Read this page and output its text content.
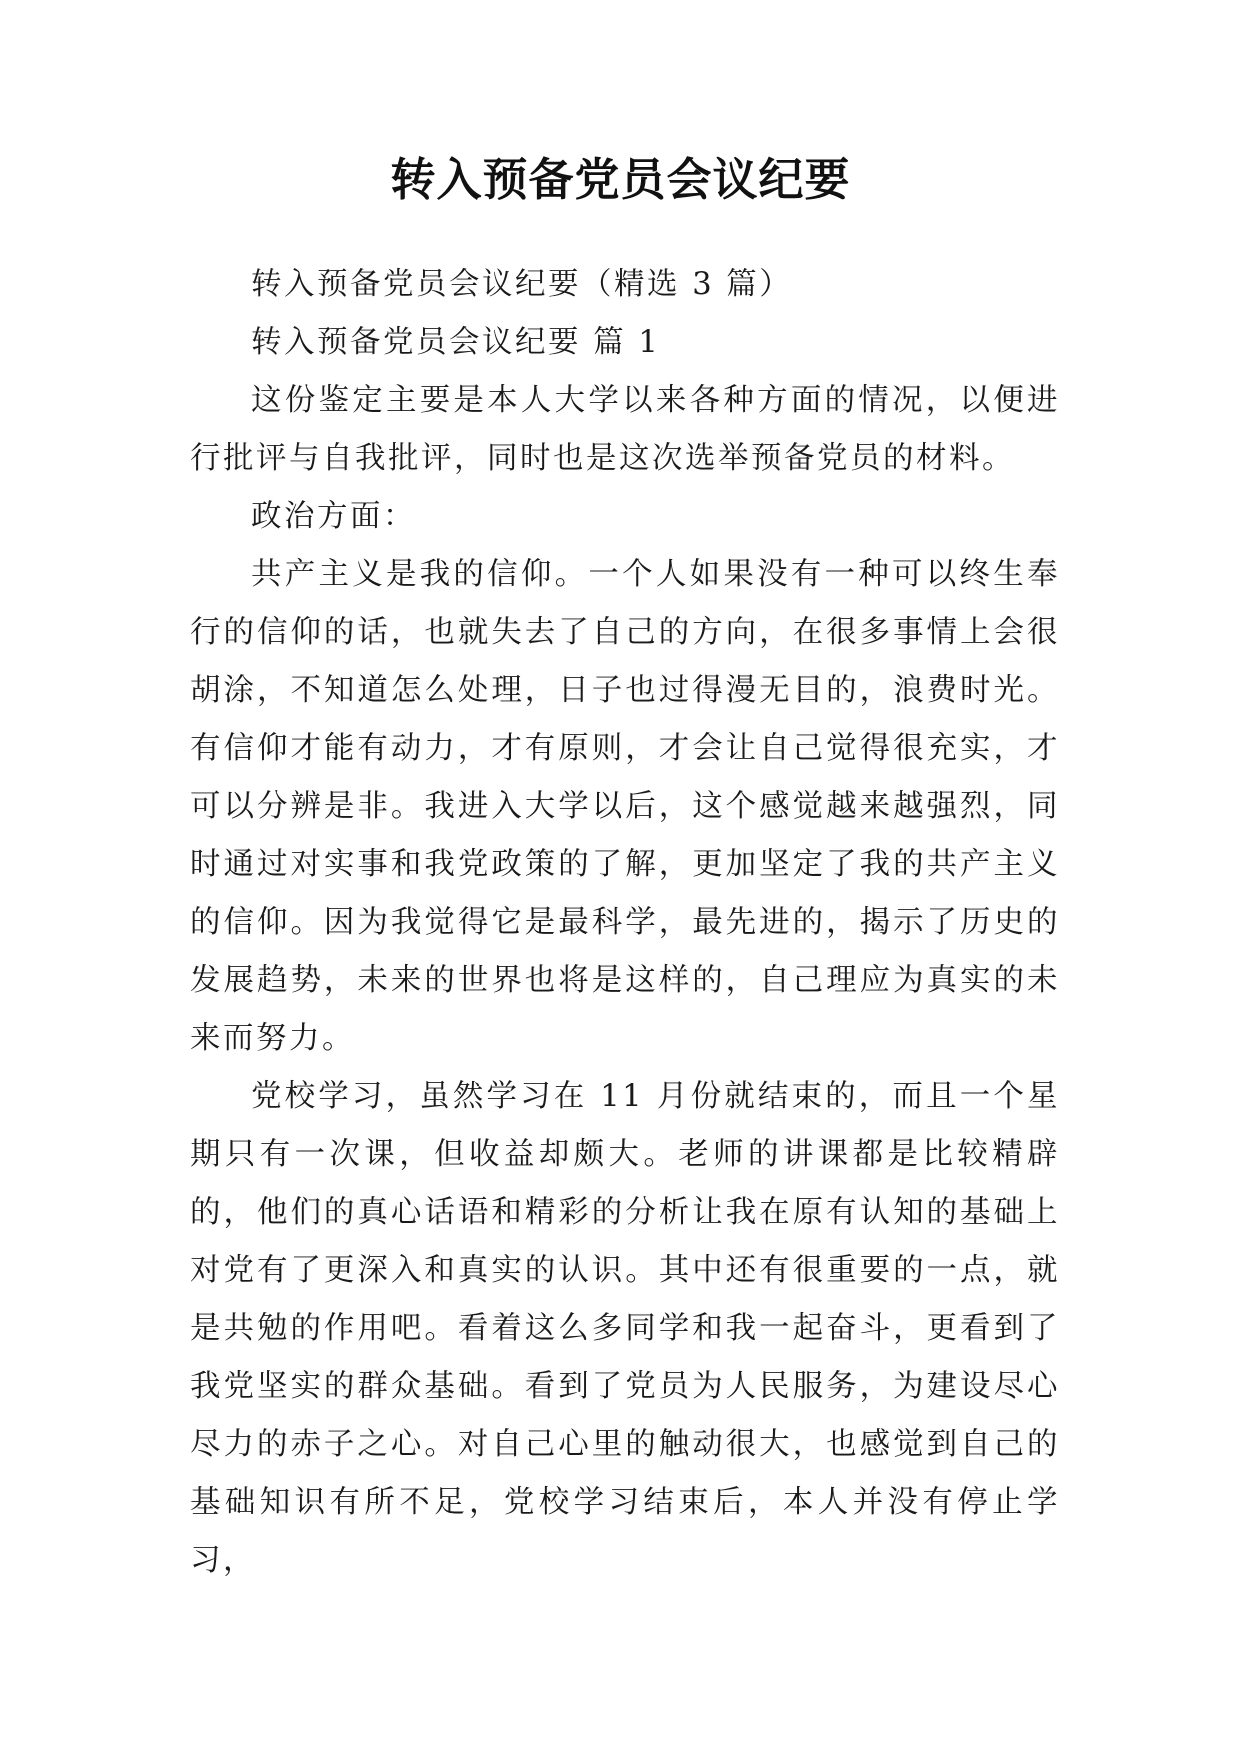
转入预备党员会议纪要

转入预备党员会议纪要（精选 3 篇）

转入预备党员会议纪要 篇 1

这份鉴定主要是本人大学以来各种方面的情况，以便进行批评与自我批评，同时也是这次选举预备党员的材料。

政治方面：

共产主义是我的信仰。一个人如果没有一种可以终生奉行的信仰的话，也就失去了自己的方向，在很多事情上会很胡涂，不知道怎么处理，日子也过得漫无目的，浪费时光。有信仰才能有动力，才有原则，才会让自己觉得很充实，才可以分辨是非。我进入大学以后，这个感觉越来越强烈，同时通过对实事和我党政策的了解，更加坚定了我的共产主义的信仰。因为我觉得它是最科学，最先进的，揭示了历史的发展趋势，未来的世界也将是这样的，自己理应为真实的未来而努力。

党校学习，虽然学习在 11 月份就结束的，而且一个星期只有一次课，但收益却颇大。老师的讲课都是比较精辟的，他们的真心话语和精彩的分析让我在原有认知的基础上对党有了更深入和真实的认识。其中还有很重要的一点，就是共勉的作用吧。看着这么多同学和我一起奋斗，更看到了我党坚实的群众基础。看到了党员为人民服务，为建设尽心尽力的赤子之心。对自己心里的触动很大，也感觉到自己的基础知识有所不足，党校学习结束后，本人并没有停止学习，
